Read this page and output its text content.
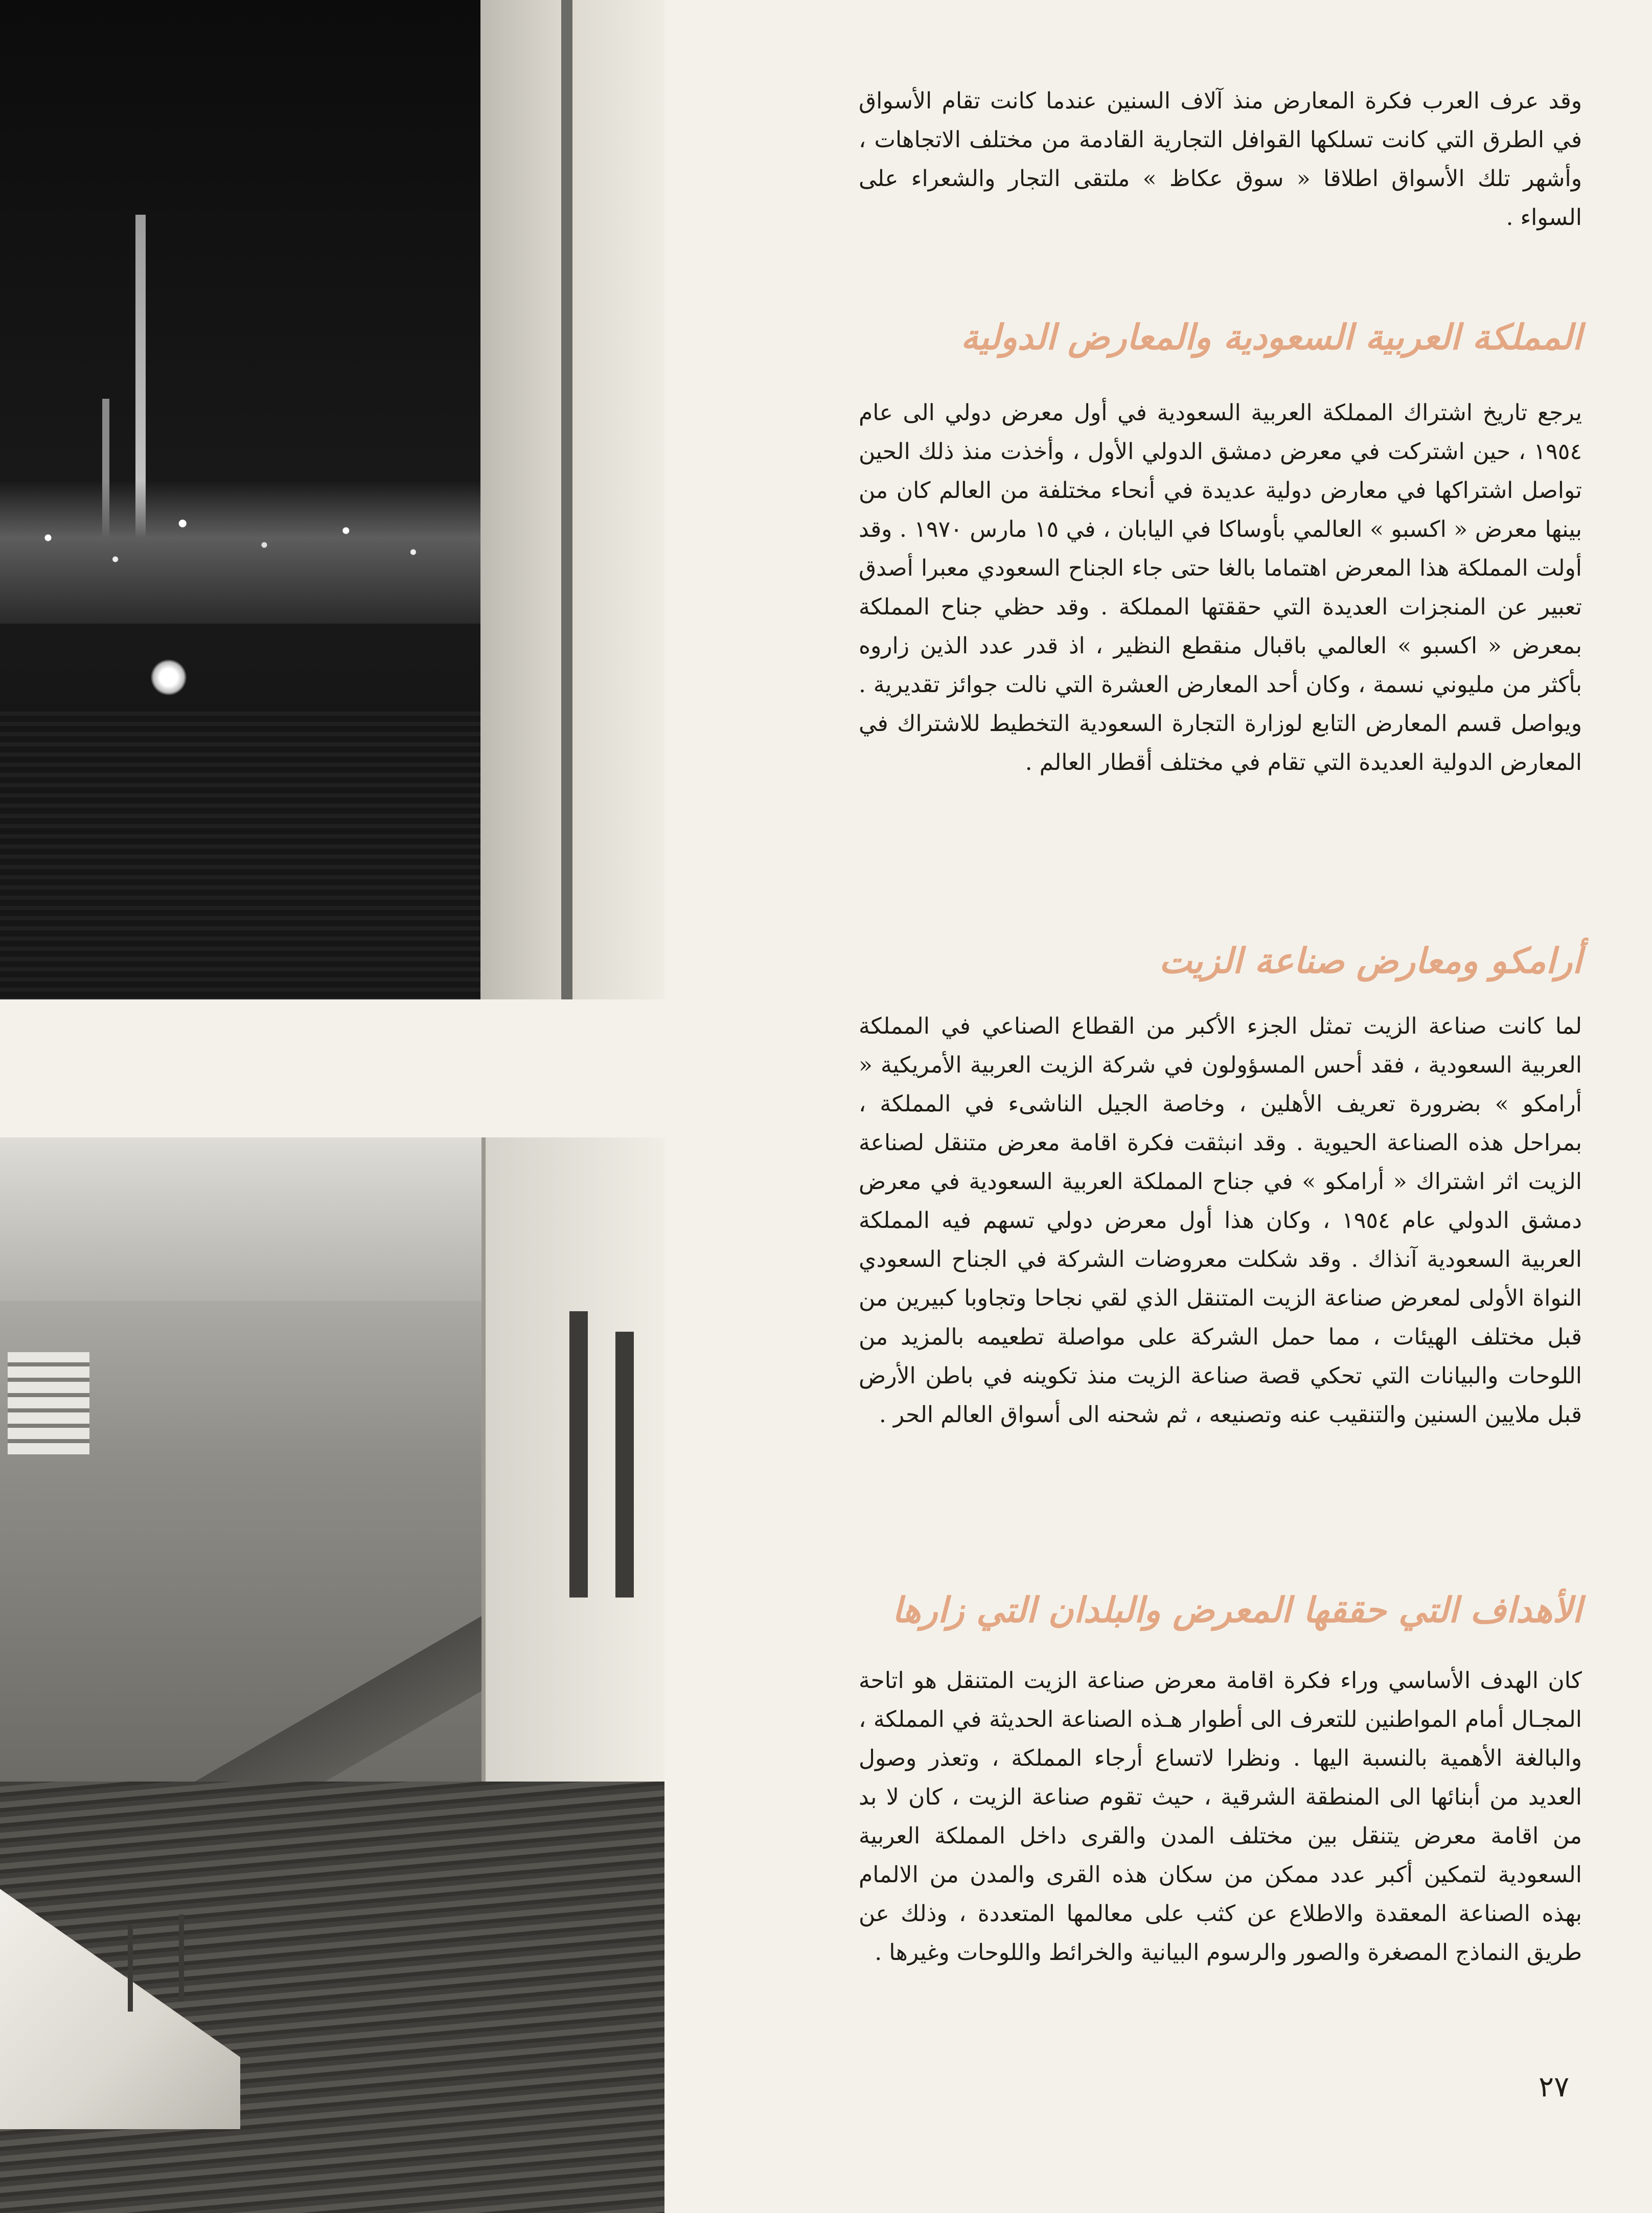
وقد عرف العرب فكرة المعارض منذ آلاف السنين عندما كانت تقام الأسواق في الطرق التي كانت تسلكها القوافل التجارية القادمة من مختلف الاتجاهات ، وأشهر تلك الأسواق اطلاقا « سوق عكاظ » ملتقى التجار والشعراء على السواء .

المملكة العربية السعودية والمعارض الدولية

يرجع تاريخ اشتراك المملكة العربية السعودية في أول معرض دولي الى عام ١٩٥٤ ، حين اشتركت في معرض دمشق الدولي الأول ، وأخذت منذ ذلك الحين تواصل اشتراكها في معارض دولية عديدة في أنحاء مختلفة من العالم كان من بينها معرض « اكسبو » العالمي بأوساكا في اليابان ، في ١٥ مارس ١٩٧٠ . وقد أولت المملكة هذا المعرض اهتماما بالغا حتى جاء الجناح السعودي معبرا أصدق تعبير عن المنجزات العديدة التي حققتها المملكة . وقد حظي جناح المملكة بمعرض « اكسبو » العالمي باقبال منقطع النظير ، اذ قدر عدد الذين زاروه بأكثر من مليوني نسمة ، وكان أحد المعارض العشرة التي نالت جوائز تقديرية . ويواصل قسم المعارض التابع لوزارة التجارة السعودية التخطيط للاشتراك في المعارض الدولية العديدة التي تقام في مختلف أقطار العالم .

أرامكو ومعارض صناعة الزيت

لما كانت صناعة الزيت تمثل الجزء الأكبر من القطاع الصناعي في المملكة العربية السعودية ، فقد أحس المسؤولون في شركة الزيت العربية الأمريكية « أرامكو » بضرورة تعريف الأهلين ، وخاصة الجيل الناشىء في المملكة ، بمراحل هذه الصناعة الحيوية . وقد انبثقت فكرة اقامة معرض متنقل لصناعة الزيت اثر اشتراك « أرامكو » في جناح المملكة العربية السعودية في معرض دمشق الدولي عام ١٩٥٤ ، وكان هذا أول معرض دولي تسهم فيه المملكة العربية السعودية آنذاك . وقد شكلت معروضات الشركة في الجناح السعودي النواة الأولى لمعرض صناعة الزيت المتنقل الذي لقي نجاحا وتجاوبا كبيرين من قبل مختلف الهيئات ، مما حمل الشركة على مواصلة تطعيمه بالمزيد من اللوحات والبيانات التي تحكي قصة صناعة الزيت منذ تكوينه في باطن الأرض قبل ملايين السنين والتنقيب عنه وتصنيعه ، ثم شحنه الى أسواق العالم الحر .

الأهداف التي حققها المعرض والبلدان التي زارها

كان الهدف الأساسي وراء فكرة اقامة معرض صناعة الزيت المتنقل هو اتاحة المجـال أمام المواطنين للتعرف الى أطوار هـذه الصناعة الحديثة في المملكة ، والبالغة الأهمية بالنسبة اليها . ونظرا لاتساع أرجاء المملكة ، وتعذر وصول العديد من أبنائها الى المنطقة الشرقية ، حيث تقوم صناعة الزيت ، كان لا بد من اقامة معرض يتنقل بين مختلف المدن والقرى داخل المملكة العربية السعودية لتمكين أكبر عدد ممكن من سكان هذه القرى والمدن من الالمام بهذه الصناعة المعقدة والاطلاع عن كثب على معالمها المتعددة ، وذلك عن طريق النماذج المصغرة والصور والرسوم البيانية والخرائط واللوحات وغيرها .

٢٧
